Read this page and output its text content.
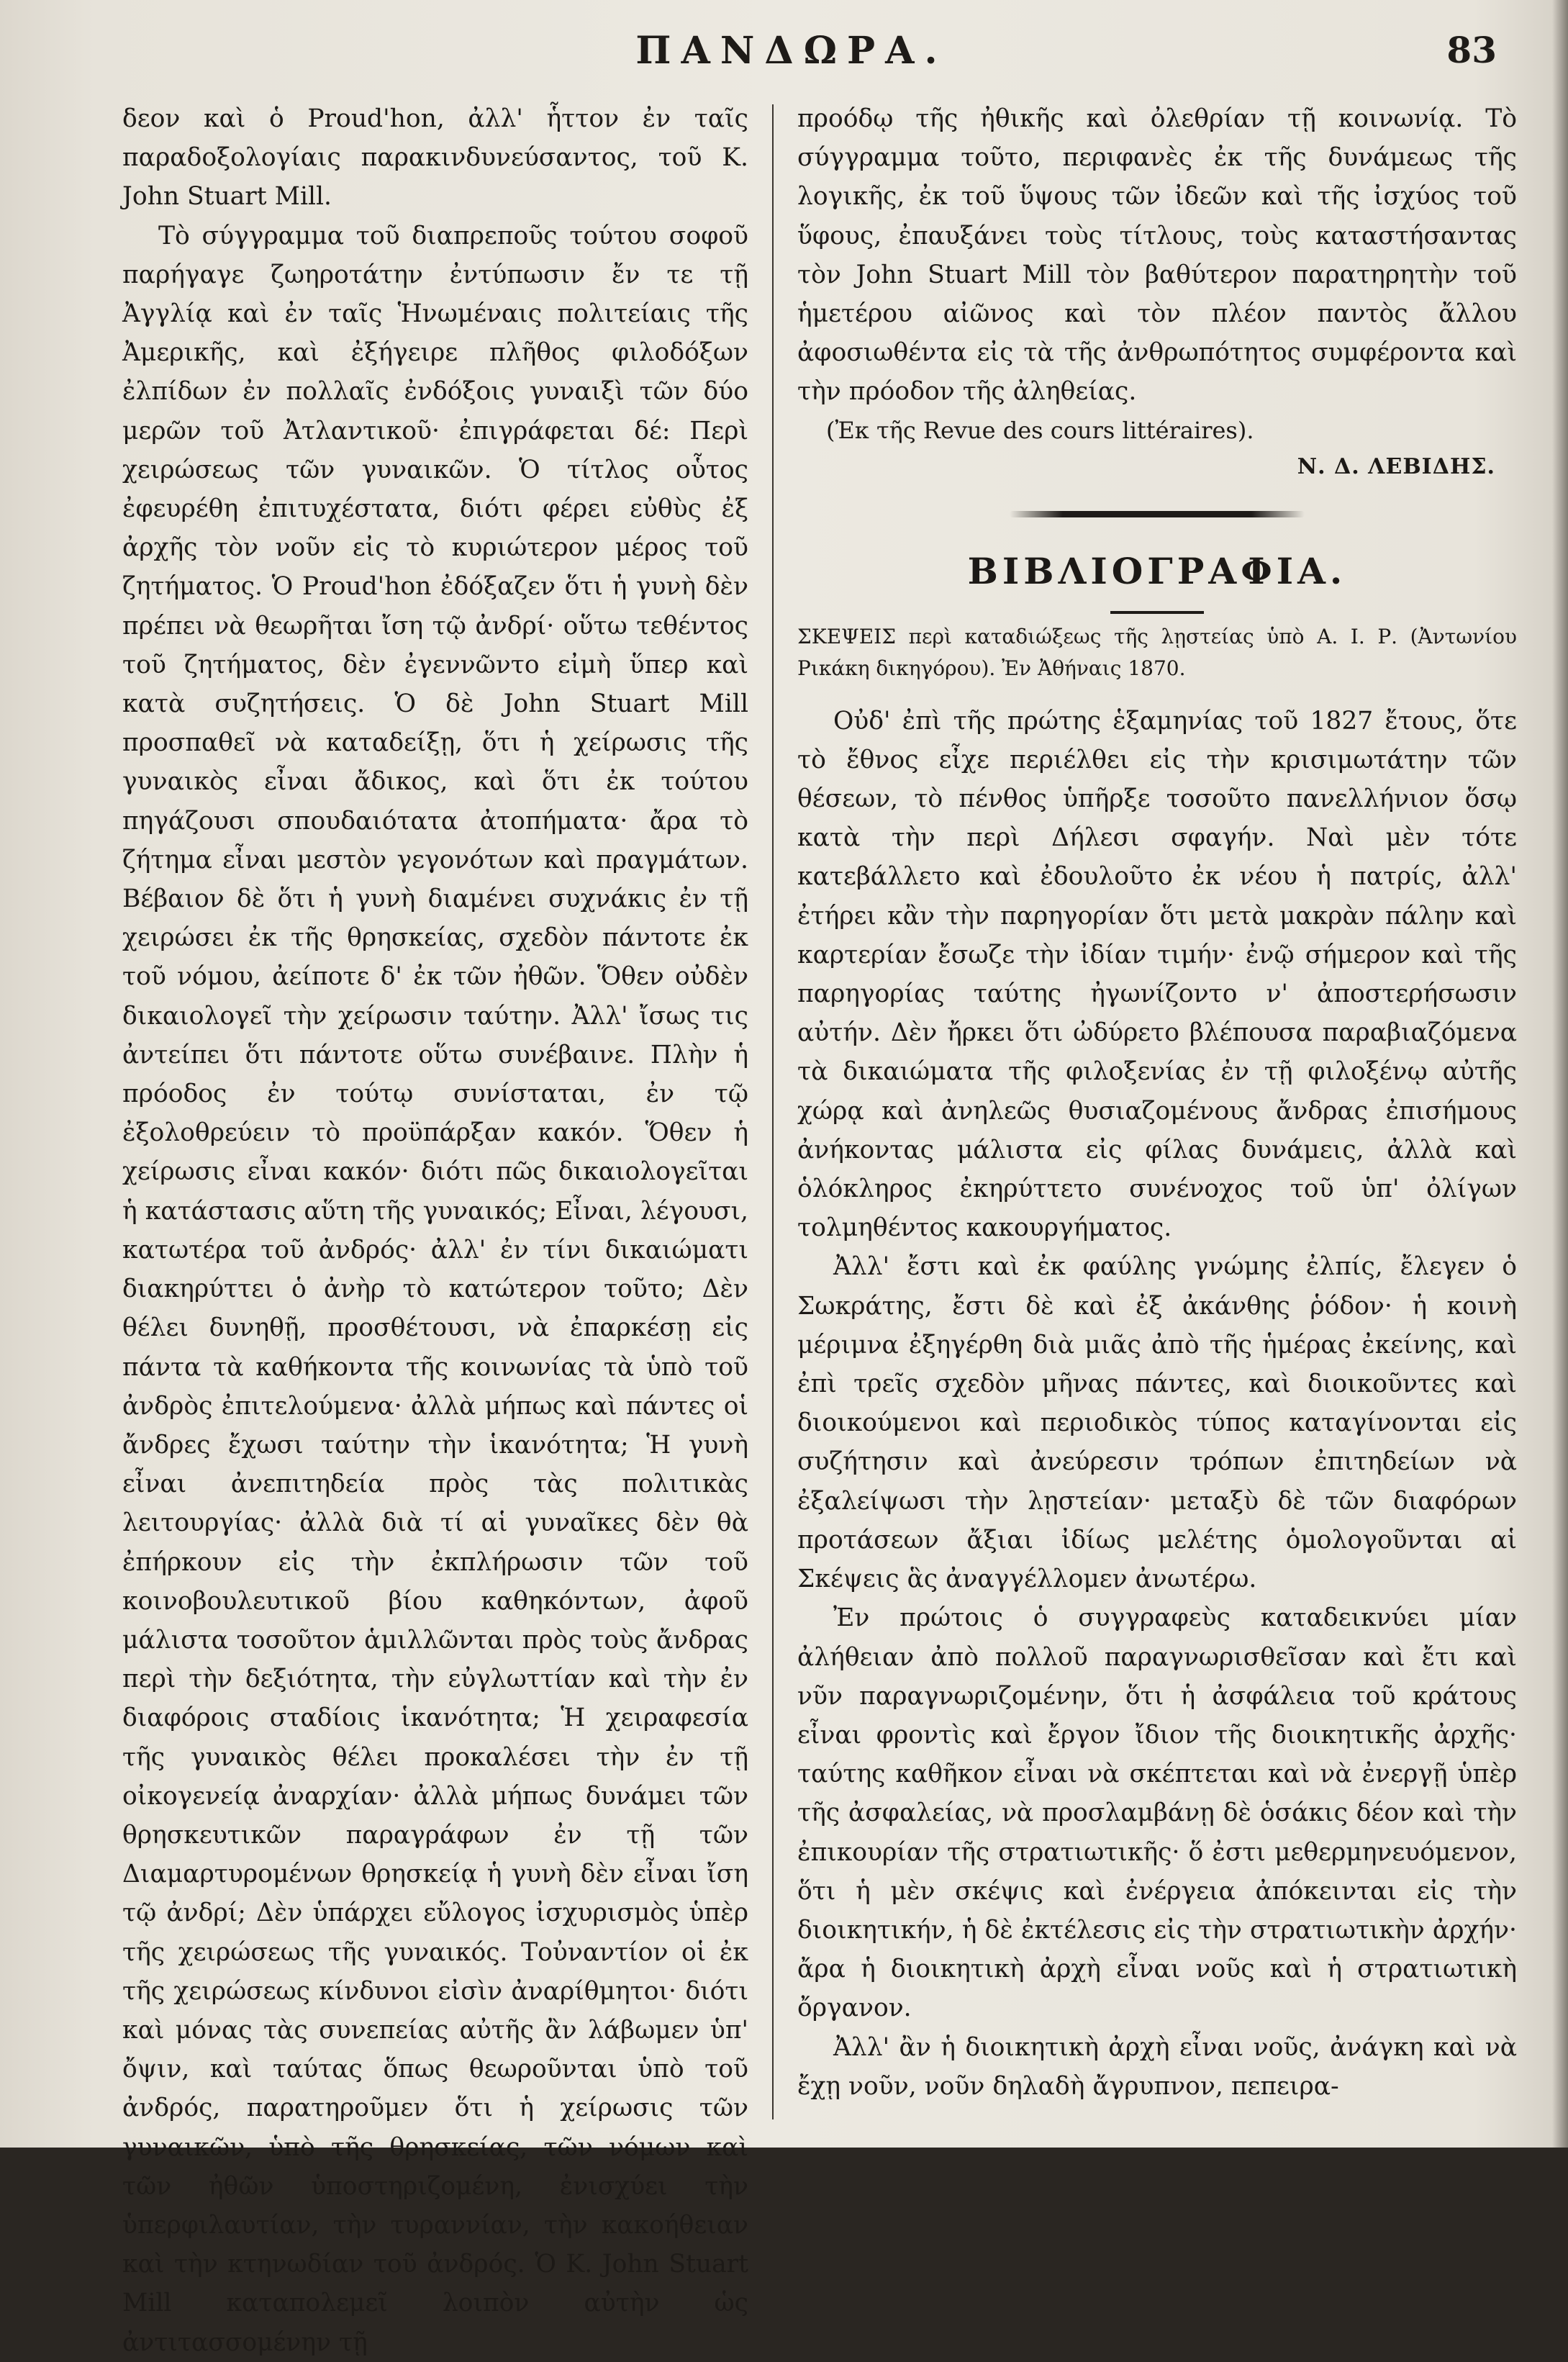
ΠΑΝΔΩΡΑ.	83

δεον καὶ ὁ Proud'hon, ἀλλ' ἧττον ἐν ταῖς παραδοξολογίαις παρακινδυνεύσαντος, τοῦ Κ. John Stuart Mill.

Τὸ σύγγραμμα τοῦ διαπρεποῦς τούτου σοφοῦ παρήγαγε ζωηροτάτην ἐντύπωσιν ἔν τε τῇ Ἀγγλίᾳ καὶ ἐν ταῖς Ἡνωμέναις πολιτείαις τῆς Ἀμερικῆς, καὶ ἐξήγειρε πλῆθος φιλοδόξων ἐλπίδων ἐν πολλαῖς ἐνδόξοις γυναιξὶ τῶν δύο μερῶν τοῦ Ἀτλαντικοῦ· ἐπιγράφεται δέ: Περὶ χειρώσεως τῶν γυναικῶν. Ὁ τίτλος οὗτος ἐφευρέθη ἐπιτυχέστατα, διότι φέρει εὐθὺς ἐξ ἀρχῆς τὸν νοῦν εἰς τὸ κυριώτερον μέρος τοῦ ζητήματος. Ὁ Proud'hon ἐδόξαζεν ὅτι ἡ γυνὴ δὲν πρέπει νὰ θεωρῆται ἴση τῷ ἀνδρί· οὕτω τεθέντος τοῦ ζητήματος, δὲν ἐγεννῶντο εἰμὴ ὕπερ καὶ κατὰ συζητήσεις. Ὁ δὲ John Stuart Mill προσπαθεῖ νὰ καταδείξῃ, ὅτι ἡ χείρωσις τῆς γυναικὸς εἶναι ἄδικος, καὶ ὅτι ἐκ τούτου πηγάζουσι σπουδαιότατα ἀτοπήματα· ἄρα τὸ ζήτημα εἶναι μεστὸν γεγονότων καὶ πραγμάτων. Βέβαιον δὲ ὅτι ἡ γυνὴ διαμένει συχνάκις ἐν τῇ χειρώσει ἐκ τῆς θρησκείας, σχεδὸν πάντοτε ἐκ τοῦ νόμου, ἀείποτε δ' ἐκ τῶν ἠθῶν. Ὅθεν οὐδὲν δικαιολογεῖ τὴν χείρωσιν ταύτην. Ἀλλ' ἴσως τις ἀντείπει ὅτι πάντοτε οὕτω συνέβαινε. Πλὴν ἡ πρόοδος ἐν τούτῳ συνίσταται, ἐν τῷ ἐξολοθρεύειν τὸ προϋπάρξαν κακόν. Ὅθεν ἡ χείρωσις εἶναι κακόν· διότι πῶς δικαιολογεῖται ἡ κατάστασις αὕτη τῆς γυναικός; Εἶναι, λέγουσι, κατωτέρα τοῦ ἀνδρός· ἀλλ' ἐν τίνι δικαιώματι διακηρύττει ὁ ἀνὴρ τὸ κατώτερον τοῦτο; Δὲν θέλει δυνηθῇ, προσθέτουσι, νὰ ἐπαρκέσῃ εἰς πάντα τὰ καθήκοντα τῆς κοινωνίας τὰ ὑπὸ τοῦ ἀνδρὸς ἐπιτελούμενα· ἀλλὰ μήπως καὶ πάντες οἱ ἄνδρες ἔχωσι ταύτην τὴν ἱκανότητα; Ἡ γυνὴ εἶναι ἀνεπιτηδεία πρὸς τὰς πολιτικὰς λειτουργίας· ἀλλὰ διὰ τί αἱ γυναῖκες δὲν θὰ ἐπήρκουν εἰς τὴν ἐκπλήρωσιν τῶν τοῦ κοινοβουλευτικοῦ βίου καθηκόντων, ἀφοῦ μάλιστα τοσοῦτον ἁμιλλῶνται πρὸς τοὺς ἄνδρας περὶ τὴν δεξιότητα, τὴν εὐγλωττίαν καὶ τὴν ἐν διαφόροις σταδίοις ἱκανότητα; Ἡ χειραφεσία τῆς γυναικὸς θέλει προκαλέσει τὴν ἐν τῇ οἰκογενείᾳ ἀναρχίαν· ἀλλὰ μήπως δυνάμει τῶν θρησκευτικῶν παραγράφων ἐν τῇ τῶν Διαμαρτυρομένων θρησκείᾳ ἡ γυνὴ δὲν εἶναι ἴση τῷ ἀνδρί; Δὲν ὑπάρχει εὔλογος ἰσχυρισμὸς ὑπὲρ τῆς χειρώσεως τῆς γυναικός. Τοὐναντίον οἱ ἐκ τῆς χειρώσεως κίνδυνοι εἰσὶν ἀναρίθμητοι· διότι καὶ μόνας τὰς συνεπείας αὐτῆς ἂν λάβωμεν ὑπ' ὄψιν, καὶ ταύτας ὅπως θεωροῦνται ὑπὸ τοῦ ἀνδρός, παρατηροῦμεν ὅτι ἡ χείρωσις τῶν γυναικῶν, ὑπὸ τῆς θρησκείας, τῶν νόμων καὶ τῶν ἠθῶν ὑποστηριζομένη, ἐνισχύει τὴν ὑπερφιλαυτίαν, τὴν τυραννίαν, τὴν κακοήθειαν καὶ τὴν κτηνωδίαν τοῦ ἀνδρός. Ὁ Κ. John Stuart Mill καταπολεμεῖ λοιπὸν αὐτὴν ὡς ἀντιτασσομένην τῇ

προόδῳ τῆς ἠθικῆς καὶ ὀλεθρίαν τῇ κοινωνίᾳ. Τὸ σύγγραμμα τοῦτο, περιφανὲς ἐκ τῆς δυνάμεως τῆς λογικῆς, ἐκ τοῦ ὕψους τῶν ἰδεῶν καὶ τῆς ἰσχύος τοῦ ὕφους, ἐπαυξάνει τοὺς τίτλους, τοὺς καταστήσαντας τὸν John Stuart Mill τὸν βαθύτερον παρατηρητὴν τοῦ ἡμετέρου αἰῶνος καὶ τὸν πλέον παντὸς ἄλλου ἀφοσιωθέντα εἰς τὰ τῆς ἀνθρωπότητος συμφέροντα καὶ τὴν πρόοδον τῆς ἀληθείας.

(Ἐκ τῆς Revue des cours littéraires).

Ν. Δ. ΛΕΒΙΔΗΣ.

ΒΙΒΛΙΟΓΡΑΦΙΑ.

ΣΚΕΨΕΙΣ περὶ καταδιώξεως τῆς λῃστείας ὑπὸ Α. Ι. Ρ. (Ἀντωνίου Ρικάκη δικηγόρου). Ἐν Ἀθήναις 1870.

Οὐδ' ἐπὶ τῆς πρώτης ἑξαμηνίας τοῦ 1827 ἔτους, ὅτε τὸ ἔθνος εἶχε περιέλθει εἰς τὴν κρισιμωτάτην τῶν θέσεων, τὸ πένθος ὑπῆρξε τοσοῦτο πανελλήνιον ὅσῳ κατὰ τὴν περὶ Δήλεσι σφαγήν. Ναὶ μὲν τότε κατεβάλλετο καὶ ἐδουλοῦτο ἐκ νέου ἡ πατρίς, ἀλλ' ἐτήρει κἂν τὴν παρηγορίαν ὅτι μετὰ μακρὰν πάλην καὶ καρτερίαν ἔσωζε τὴν ἰδίαν τιμήν· ἐνῷ σήμερον καὶ τῆς παρηγορίας ταύτης ἠγωνίζοντο ν' ἀποστερήσωσιν αὐτήν. Δὲν ἤρκει ὅτι ὠδύρετο βλέπουσα παραβιαζόμενα τὰ δικαιώματα τῆς φιλοξενίας ἐν τῇ φιλοξένῳ αὐτῆς χώρᾳ καὶ ἀνηλεῶς θυσιαζομένους ἄνδρας ἐπισήμους ἀνήκοντας μάλιστα εἰς φίλας δυνάμεις, ἀλλὰ καὶ ὁλόκληρος ἐκηρύττετο συνένοχος τοῦ ὑπ' ὀλίγων τολμηθέντος κακουργήματος.

Ἀλλ' ἔστι καὶ ἐκ φαύλης γνώμης ἐλπίς, ἔλεγεν ὁ Σωκράτης, ἔστι δὲ καὶ ἐξ ἀκάνθης ῥόδον· ἡ κοινὴ μέριμνα ἐξηγέρθη διὰ μιᾶς ἀπὸ τῆς ἡμέρας ἐκείνης, καὶ ἐπὶ τρεῖς σχεδὸν μῆνας πάντες, καὶ διοικοῦντες καὶ διοικούμενοι καὶ περιοδικὸς τύπος καταγίνονται εἰς συζήτησιν καὶ ἀνεύρεσιν τρόπων ἐπιτηδείων νὰ ἐξαλείψωσι τὴν λῃστείαν· μεταξὺ δὲ τῶν διαφόρων προτάσεων ἄξιαι ἰδίως μελέτης ὁμολογοῦνται αἱ Σκέψεις ἃς ἀναγγέλλομεν ἀνωτέρω.

Ἐν πρώτοις ὁ συγγραφεὺς καταδεικνύει μίαν ἀλήθειαν ἀπὸ πολλοῦ παραγνωρισθεῖσαν καὶ ἔτι καὶ νῦν παραγνωριζομένην, ὅτι ἡ ἀσφάλεια τοῦ κράτους εἶναι φροντὶς καὶ ἔργον ἴδιον τῆς διοικητικῆς ἀρχῆς· ταύτης καθῆκον εἶναι νὰ σκέπτεται καὶ νὰ ἐνεργῇ ὑπὲρ τῆς ἀσφαλείας, νὰ προσλαμβάνῃ δὲ ὁσάκις δέον καὶ τὴν ἐπικουρίαν τῆς στρατιωτικῆς· ὅ ἐστι μεθερμηνευόμενον, ὅτι ἡ μὲν σκέψις καὶ ἐνέργεια ἀπόκεινται εἰς τὴν διοικητικήν, ἡ δὲ ἐκτέλεσις εἰς τὴν στρατιωτικὴν ἀρχήν· ἄρα ἡ διοικητικὴ ἀρχὴ εἶναι νοῦς καὶ ἡ στρατιωτικὴ ὄργανον.

Ἀλλ' ἂν ἡ διοικητικὴ ἀρχὴ εἶναι νοῦς, ἀνάγκη καὶ νὰ ἔχῃ νοῦν, νοῦν δηλαδὴ ἄγρυπνον, πεπειρα-
